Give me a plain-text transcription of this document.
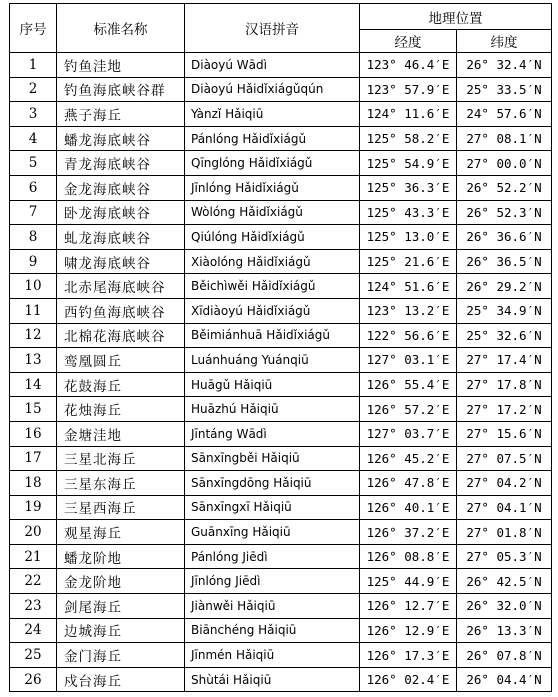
序号	标准名称	汉语拼音	地理位置	
			经度	纬度
1	钓鱼洼地	Diàoyú Wādì	123° 46.4′E	26° 32.4′N
2	钓鱼海底峡谷群	Diàoyú Hǎidǐxiágǔqún	123° 57.9′E	25° 33.5′N
3	燕子海丘	Yànzǐ Hǎiqiū	124° 11.6′E	24° 57.6′N
4	蟠龙海底峡谷	Pánlóng Hǎidǐxiágǔ	125° 58.2′E	27° 08.1′N
5	青龙海底峡谷	Qīnglóng Hǎidǐxiágǔ	125° 54.9′E	27° 00.0′N
6	金龙海底峡谷	Jīnlóng Hǎidǐxiágǔ	125° 36.3′E	26° 52.2′N
7	卧龙海底峡谷	Wòlóng Hǎidǐxiágǔ	125° 43.3′E	26° 52.3′N
8	虬龙海底峡谷	Qiúlóng Hǎidǐxiágǔ	125° 13.0′E	26° 36.6′N
9	啸龙海底峡谷	Xiàolóng Hǎidǐxiágǔ	125° 21.6′E	26° 36.5′N
10	北赤尾海底峡谷	Běichìwěi Hǎidǐxiágǔ	124° 51.6′E	26° 29.2′N
11	西钓鱼海底峡谷	Xīdiàoyú Hǎidǐxiágǔ	123° 13.2′E	25° 34.9′N
12	北棉花海底峡谷	Běimiánhuā Hǎidǐxiágǔ	122° 56.6′E	25° 32.6′N
13	鸾凰圆丘	Luánhuáng Yuánqiū	127° 03.1′E	27° 17.4′N
14	花鼓海丘	Huāgǔ Hǎiqiū	126° 55.4′E	27° 17.8′N
15	花烛海丘	Huāzhú Hǎiqiū	126° 57.2′E	27° 17.2′N
16	金塘洼地	Jīntáng Wādì	127° 03.7′E	27° 15.6′N
17	三星北海丘	Sānxīngběi Hǎiqiū	126° 45.2′E	27° 07.5′N
18	三星东海丘	Sānxīngdōng Hǎiqiū	126° 47.8′E	27° 04.2′N
19	三星西海丘	Sānxīngxī Hǎiqiū	126° 40.1′E	27° 04.1′N
20	观星海丘	Guānxīng Hǎiqiū	126° 37.2′E	27° 01.8′N
21	蟠龙阶地	Pánlóng Jiēdì	126° 08.8′E	27° 05.3′N
22	金龙阶地	Jīnlóng Jiēdì	125° 44.9′E	26° 42.5′N
23	剑尾海丘	Jiànwěi Hǎiqiū	126° 12.7′E	26° 32.0′N
24	边城海丘	Biānchéng Hǎiqiū	126° 12.9′E	26° 13.3′N
25	金门海丘	Jīnmén Hǎiqiū	126° 17.3′E	26° 07.8′N
26	戍台海丘	Shùtái Hǎiqiū	126° 02.4′E	26° 04.4′N
